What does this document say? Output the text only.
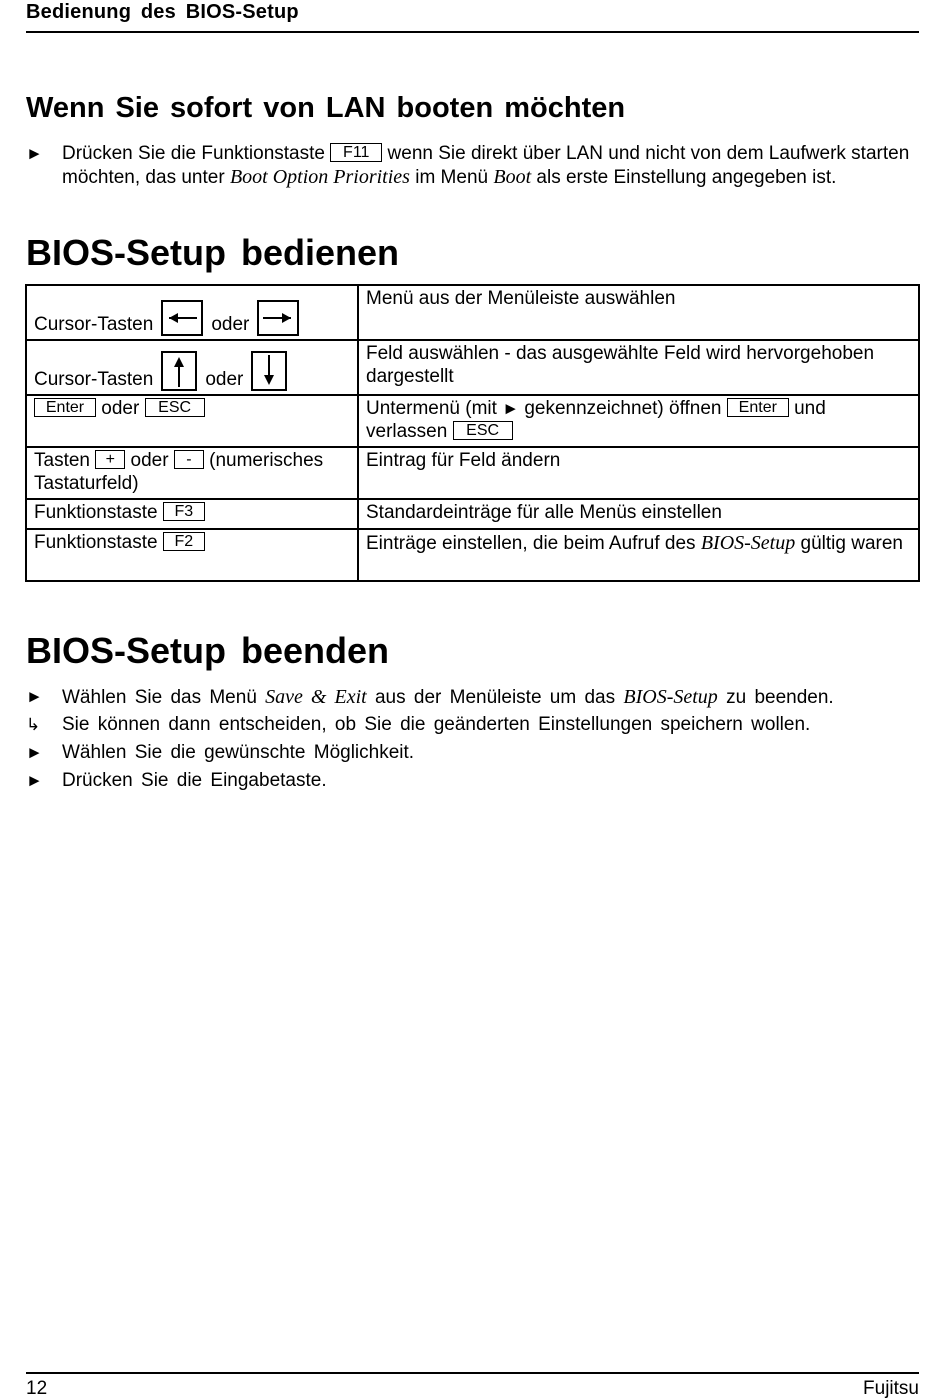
Bedienung des BIOS-Setup
Wenn Sie sofort von LAN booten möchten
► Drücken Sie die Funktionstaste F11 wenn Sie direkt über LAN und nicht von dem Laufwerk starten möchten, das unter Boot Option Priorities im Menü Boot als erste Einstellung angegeben ist.
BIOS-Setup bedienen
Cursor-Tasten oder	Menü aus der Menüleiste auswählen

Cursor-Tasten oder	Feld auswählen - das ausgewählte Feld wird hervorgehoben dargestellt
Enter oder ESC	Untermenü (mit ► gekennzeichnet) öffnen Enter und verlassen ESC
Tasten + oder - (numerisches Tastaturfeld)	Eintrag für Feld ändern
Funktionstaste F3	Standardeinträge für alle Menüs einstellen
Funktionstaste F2	Einträge einstellen, die beim Aufruf des BIOS-Setup gültig waren
BIOS-Setup beenden
►	Wählen Sie das Menü Save & Exit aus der Menüleiste um das BIOS-Setup zu beenden.
↳	Sie können dann entscheiden, ob Sie die geänderten Einstellungen speichern wollen.
►	Wählen Sie die gewünschte Möglichkeit.
►	Drücken Sie die Eingabetaste.
12	Fujitsu
